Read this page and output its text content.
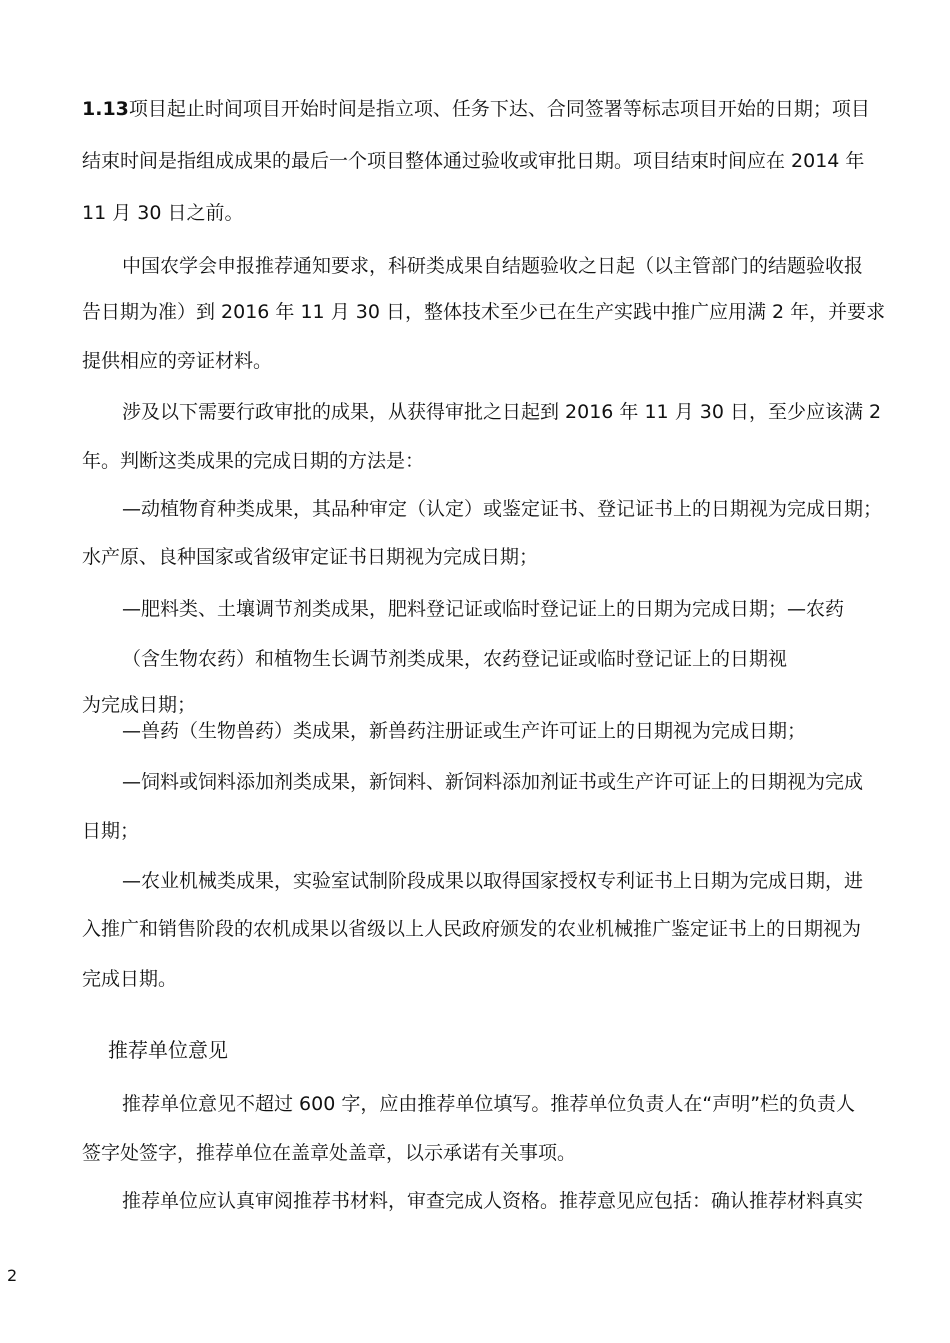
1.13项目起止时间项目开始时间是指立项、任务下达、合同签署等标志项目开始的日期；项目
结束时间是指组成成果的最后一个项目整体通过验收或审批日期。项目结束时间应在 2014 年
11 月 30 日之前。
中国农学会申报推荐通知要求，科研类成果自结题验收之日起（以主管部门的结题验收报
告日期为准）到 2016 年 11 月 30 日，整体技术至少已在生产实践中推广应用满 2 年，并要求
提供相应的旁证材料。
涉及以下需要行政审批的成果，从获得审批之日起到 2016 年 11 月 30 日，至少应该满 2
年。判断这类成果的完成日期的方法是：
—动植物育种类成果，其品种审定（认定）或鉴定证书、登记证书上的日期视为完成日期；
水产原、良种国家或省级审定证书日期视为完成日期；
—肥料类、土壤调节剂类成果，肥料登记证或临时登记证上的日期为完成日期；—农药
（含生物农药）和植物生长调节剂类成果，农药登记证或临时登记证上的日期视
为完成日期；
—兽药（生物兽药）类成果，新兽药注册证或生产许可证上的日期视为完成日期；
—饲料或饲料添加剂类成果，新饲料、新饲料添加剂证书或生产许可证上的日期视为完成
日期；
—农业机械类成果，实验室试制阶段成果以取得国家授权专利证书上日期为完成日期，进
入推广和销售阶段的农机成果以省级以上人民政府颁发的农业机械推广鉴定证书上的日期视为
完成日期。
推荐单位意见
推荐单位意见不超过 600 字，应由推荐单位填写。推荐单位负责人在“声明”栏的负责人
签字处签字，推荐单位在盖章处盖章，以示承诺有关事项。
推荐单位应认真审阅推荐书材料，审查完成人资格。推荐意见应包括：确认推荐材料真实
2
